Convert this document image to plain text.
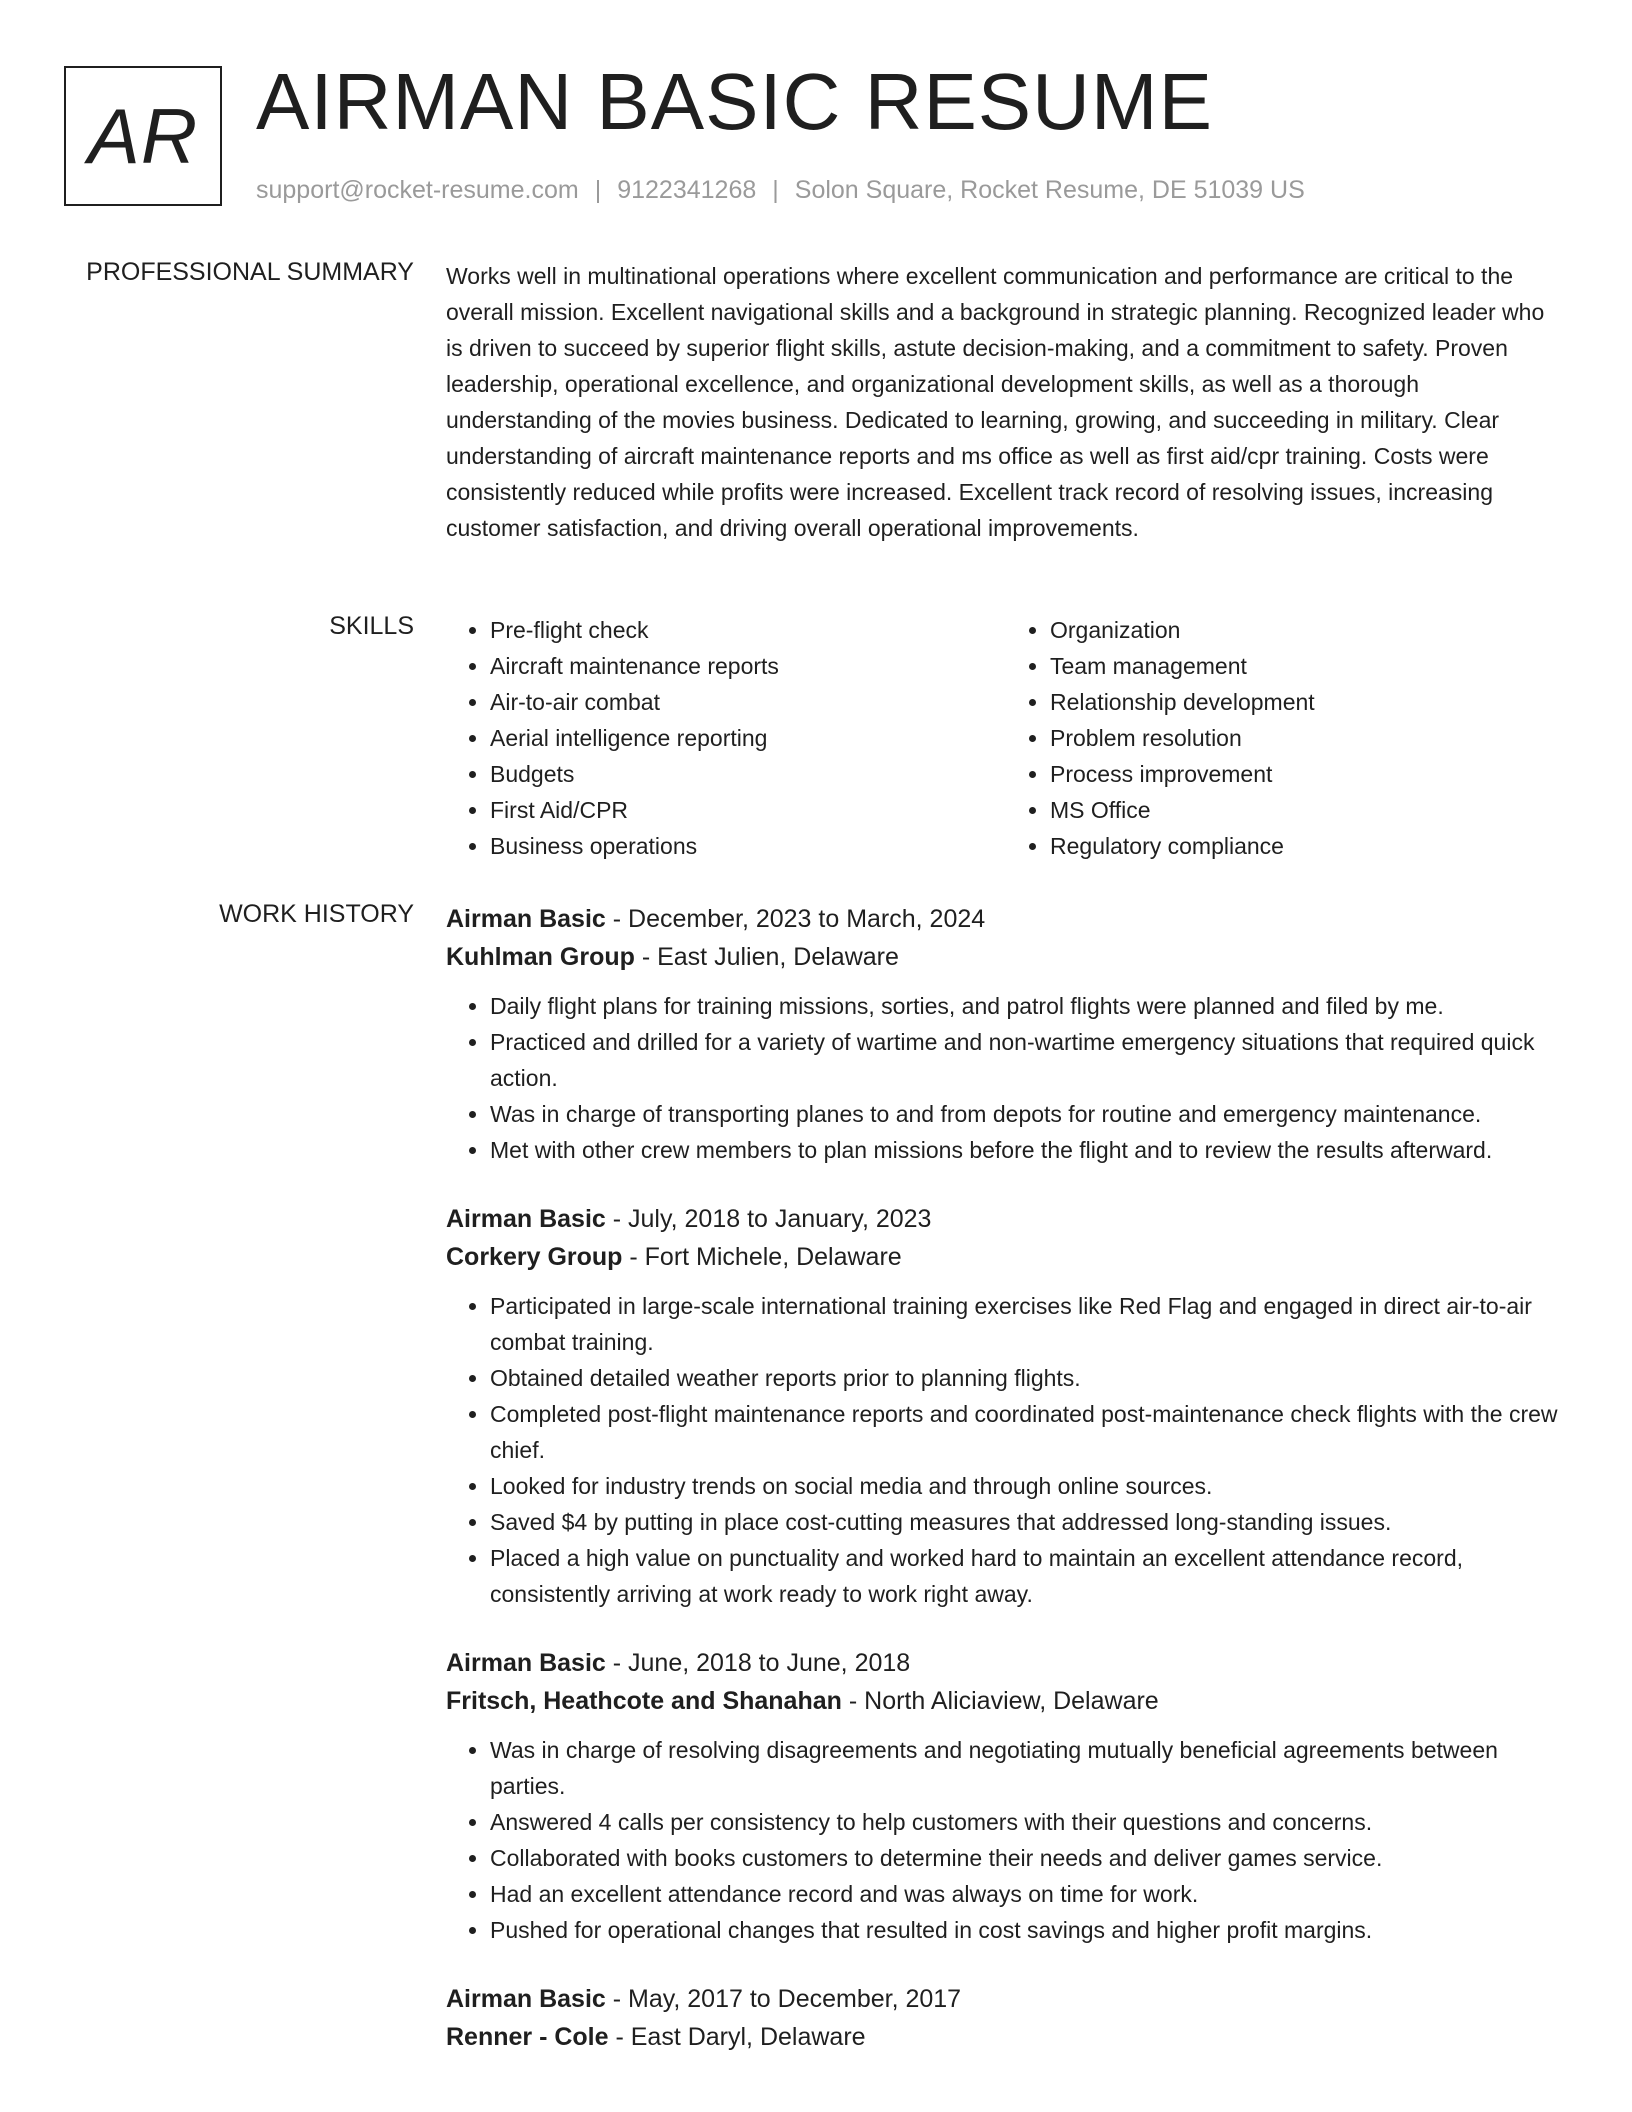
AR AIRMAN BASIC RESUME
support@rocket-resume.com | 9122341268 | Solon Square, Rocket Resume, DE 51039 US
PROFESSIONAL SUMMARY Works well in multinational operations where excellent communication and performance are critical to the overall mission. Excellent navigational skills and a background in strategic planning. Recognized leader who is driven to succeed by superior flight skills, astute decision-making, and a commitment to safety. Proven leadership, operational excellence, and organizational development skills, as well as a thorough understanding of the movies business. Dedicated to learning, growing, and succeeding in military. Clear understanding of aircraft maintenance reports and ms office as well as first aid/cpr training. Costs were consistently reduced while profits were increased. Excellent track record of resolving issues, increasing customer satisfaction, and driving overall operational improvements.
SKILLS
•	Pre-flight check
• Aircraft maintenance reports
• Air-to-air combat
• Aerial intelligence reporting
• Budgets
• First Aid/CPR
• Business operations
• Organization
• Team management
• Relationship development
• Problem resolution
• Process improvement
• MS Office
• Regulatory compliance
WORK HISTORY Airman Basic - December, 2023 to March, 2024
Kuhlman Group - East Julien, Delaware
• Daily flight plans for training missions, sorties, and patrol flights were planned and filed by me.
• Practiced and drilled for a variety of wartime and non-wartime emergency situations that required quick action.
• Was in charge of transporting planes to and from depots for routine and emergency maintenance.
• Met with other crew members to plan missions before the flight and to review the results afterward.
Airman Basic - July, 2018 to January, 2023
Corkery Group - Fort Michele, Delaware
• Participated in large-scale international training exercises like Red Flag and engaged in direct air-to-air combat training.
• Obtained detailed weather reports prior to planning flights.
• Completed post-flight maintenance reports and coordinated post-maintenance check flights with the crew chief.
• Looked for industry trends on social media and through online sources.
• Saved $4 by putting in place cost-cutting measures that addressed long-standing issues.
• Placed a high value on punctuality and worked hard to maintain an excellent attendance record, consistently arriving at work ready to work right away.
Airman Basic - June, 2018 to June, 2018
Fritsch, Heathcote and Shanahan - North Aliciaview, Delaware
• Was in charge of resolving disagreements and negotiating mutually beneficial agreements between parties.
• Answered 4 calls per consistency to help customers with their questions and concerns.
• Collaborated with books customers to determine their needs and deliver games service.
• Had an excellent attendance record and was always on time for work.
• Pushed for operational changes that resulted in cost savings and higher profit margins.
Airman Basic - May, 2017 to December, 2017
Renner - Cole - East Daryl, Delaware
